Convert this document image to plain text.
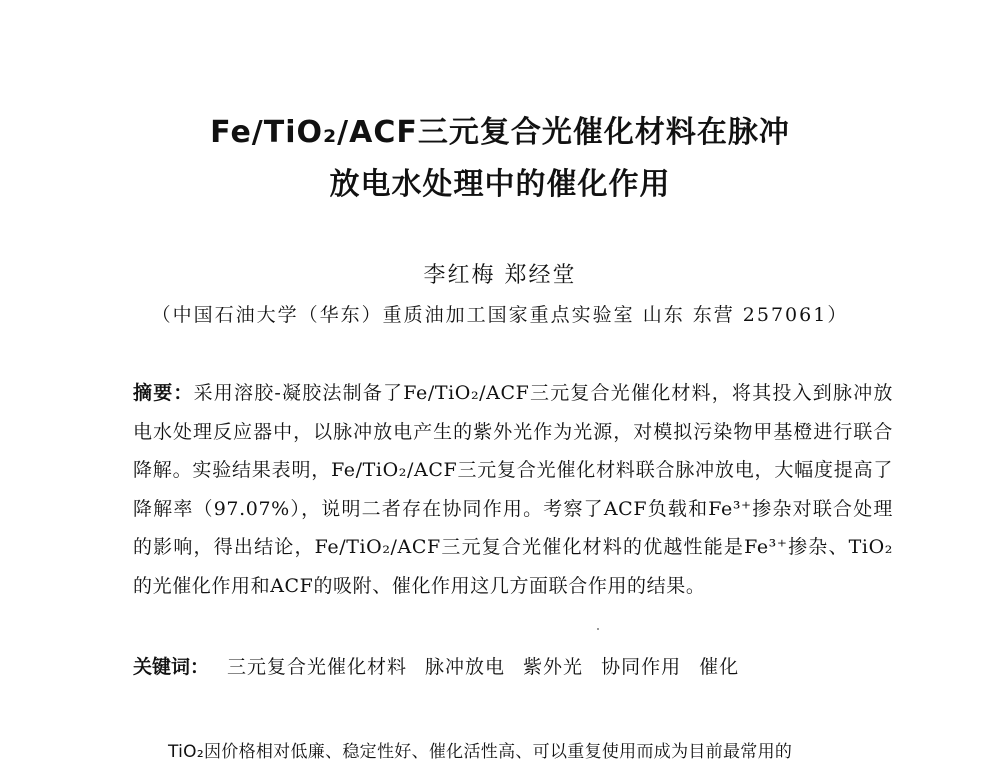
Fe/TiO₂/ACF三元复合光催化材料在脉冲
放电水处理中的催化作用
李红梅 郑经堂
（中国石油大学（华东）重质油加工国家重点实验室 山东 东营 257061）
摘要：采用溶胶-凝胶法制备了Fe/TiO₂/ACF三元复合光催化材料，将其投入到脉冲放电水处理反应器中，以脉冲放电产生的紫外光作为光源，对模拟污染物甲基橙进行联合降解。实验结果表明，Fe/TiO₂/ACF三元复合光催化材料联合脉冲放电，大幅度提高了降解率（97.07%），说明二者存在协同作用。考察了ACF负载和Fe³⁺掺杂对联合处理的影响，得出结论，Fe/TiO₂/ACF三元复合光催化材料的优越性能是Fe³⁺掺杂、TiO₂的光催化作用和ACF的吸附、催化作用这几方面联合作用的结果。
关键词： 三元复合光催化材料 脉冲放电 紫外光 协同作用 催化
TiO₂因价格相对低廉、稳定性好、催化活性高、可以重复使用而成为目前最常用的
